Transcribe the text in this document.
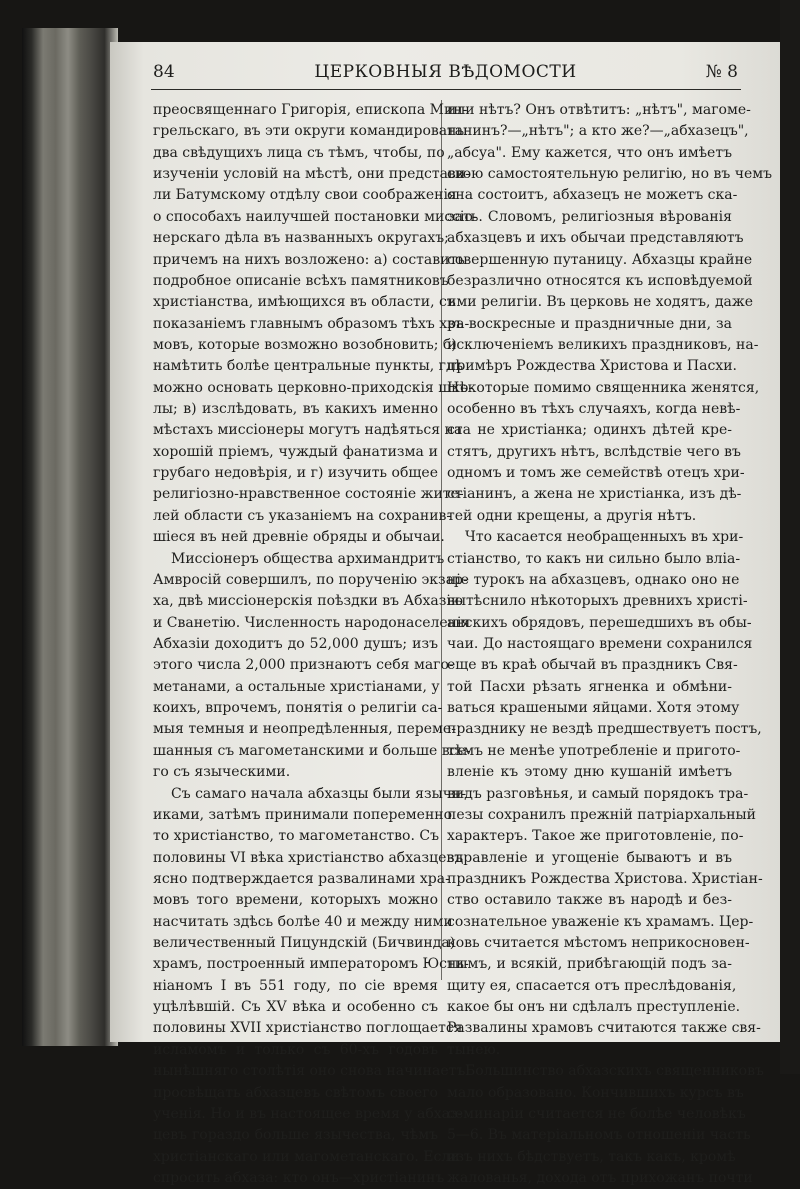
84	ЦЕРКОВНЫЯ ВѢДОМОСТИ	№ 8
преосвященнаго Григорія, епископа Мин-
грельскаго, въ эти округи командированы
два свѣдущихъ лица съ тѣмъ, чтобы, по
изученіи условій на мѣстѣ, они представи-
ли Батумскому отдѣлу свои соображенія
о способахъ наилучшей постановки миссіо-
нерскаго дѣла въ названныхъ округахъ;
причемъ на нихъ возложено: а) составить
подробное описаніе всѣхъ памятниковъ
христіанства, имѣющихся въ области, съ
показаніемъ главнымъ образомъ тѣхъ хра-
мовъ, которые возможно возобновить; б)
намѣтить болѣе центральные пункты, гдѣ
можно основать церковно-приходскія шко-
лы; в) изслѣдовать, въ какихъ именно
мѣстахъ миссіонеры могутъ надѣяться на
хорошій пріемъ, чуждый фанатизма и
грубаго недовѣрія, и г) изучить общее
религіозно-нравственное состояніе жите-
лей области съ указаніемъ на сохранив-
шіеся въ ней древніе обряды и обычаи.
Миссіонеръ общества архимандритъ
Амвросій совершилъ, по порученію экзар-
ха, двѣ миссіонерскія поѣздки въ Абхазію
и Сванетію. Численность народонаселенія
Абхазіи доходитъ до 52,000 душъ; изъ
этого числа 2,000 признаютъ себя маго-
метанами, а остальные христіанами, у
коихъ, впрочемъ, понятія о религіи са-
мыя темныя и неопредѣленныя, переме-
шанныя съ магометанскими и больше все-
го съ языческими.
Съ самаго начала абхазцы были язычн-
иками, затѣмъ принимали попеременно
то христіанство, то магометанство. Съ
половины VI вѣка христіанство абхазцевъ
ясно подтверждается развалинами хра-
мовъ того времени, которыхъ можно
насчитать здѣсь болѣе 40 и между ними
величественный Пицундскій (Бичвинда)
храмъ, построенный императоромъ Юсти-
ніаномъ I въ 551 году, по сіе время
уцѣлѣвшій. Съ XV вѣка и особенно съ
половины XVII христіанство поглощается
исламомъ и только съ 60-хъ годовъ
нынѣшняго столѣтія оно снова начинаетъ
просвѣщать абхазцевъ свѣтомъ своего
ученія. Но и въ настоящее время у абхаз-
цевъ гораздо больше язычества, чѣмъ
христіанскаго или магометанскаго. Если
спросить абхаза: кто онъ—христіанинъ
или нѣтъ? Онъ отвѣтитъ: „нѣтъ", магоме-
танинъ?—„нѣтъ"; а кто же?—„абхазецъ",
„абсуа". Ему кажется, что онъ имѣетъ
свою самостоятельную религію, но въ чемъ
она состоитъ, абхазецъ не можетъ ска-
зать. Словомъ, религіозныя вѣрованія
абхазцевъ и ихъ обычаи представляютъ
совершенную путаницу. Абхазцы крайне
безразлично относятся къ исповѣдуемой
ими религіи. Въ церковь не ходятъ, даже
въ воскресные и праздничные дни, за
исключеніемъ великихъ праздниковъ, на-
примѣръ Рождества Христова и Пасхи.
Нѣкоторые помимо священника женятся,
особенно въ тѣхъ случаяхъ, когда невѣ-
ста не христіанка; одинхъ дѣтей кре-
стятъ, другихъ нѣтъ, вслѣдствіе чего въ
одномъ и томъ же семействѣ отецъ хри-
стіанинъ, а жена не христіанка, изъ дѣ-
тей одни крещены, а другія нѣтъ.
Что касается необращенныхъ въ хри-
стіанство, то какъ ни сильно было вліа-
ніе турокъ на абхазцевъ, однако оно не
вытѣснило нѣкоторыхъ древнихъ христі-
анскихъ обрядовъ, перешедшихъ въ обы-
чаи. До настоящаго времени сохранился
еще въ краѣ обычай въ праздникъ Свя-
той Пасхи рѣзать ягненка и обмѣни-
ваться крашеными яйцами. Хотя этому
празднику не вездѣ предшествуетъ постъ,
тѣмъ не менѣе употребленіе и пригото-
вленіе къ этому дню кушаній имѣетъ
видъ разговѣнья, и самый порядокъ тра-
пезы сохранилъ прежній патріархальный
характеръ. Такое же приготовленіе, по-
здравленіе и угощеніе бываютъ и въ
праздникъ Рождества Христова. Христіан-
ство оставило также въ народѣ и без-
сознательное уваженіе къ храмамъ. Цер-
ковь считается мѣстомъ неприкосновен-
нымъ, и всякій, прибѣгающій подъ за-
щиту ея, спасается отъ преслѣдованія,
какое бы онъ ни сдѣлалъ преступленіе.
Развалины храмовъ считаются также свя-
тынею.
Большинство абхазскихъ священниковъ
мало образовано. Кончившихъ курсъ въ
семинаріи считается не болѣе человѣкъ
5—6. Въ матеріальномъ отношеніи часть
изъ нихъ бѣдствуетъ, такъ какъ, кромѣ
жалованья, дохода отъ прихожанъ почти
